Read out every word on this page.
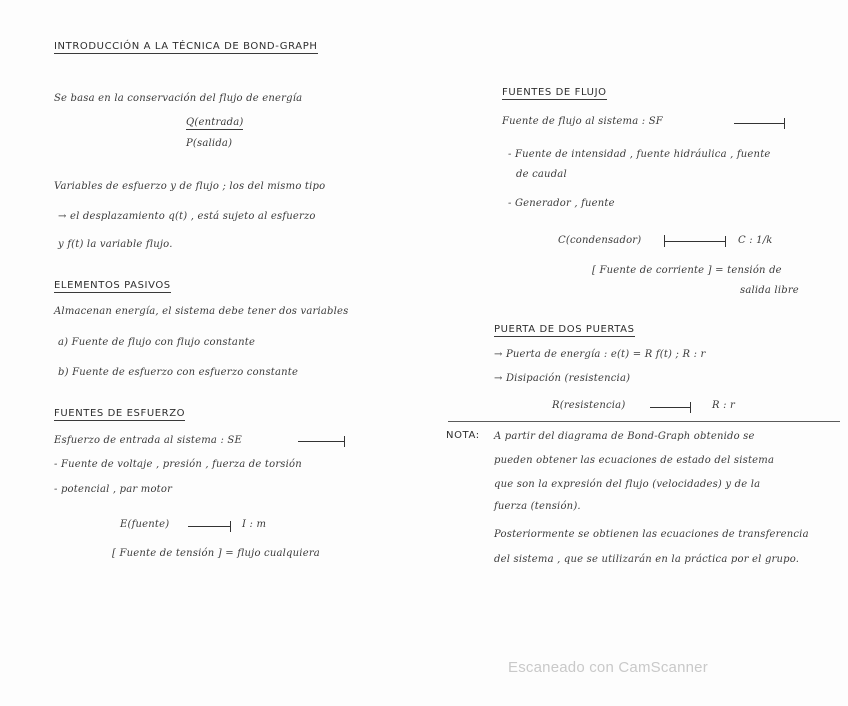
INTRODUCCIÓN A LA TÉCNICA DE BOND-GRAPH
Se basa en la conservación del flujo de energía
Q(entrada)
P(salida)
Variables de esfuerzo y de flujo ; los del mismo tipo
→ el desplazamiento q(t) , está sujeto al esfuerzo
y f(t) la variable flujo.
ELEMENTOS PASIVOS
Almacenan energía, el sistema debe tener dos variables
a) Fuente de flujo con flujo constante
b) Fuente de esfuerzo con esfuerzo constante
FUENTES DE ESFUERZO
Esfuerzo de entrada al sistema : SE
- Fuente de voltaje , presión , fuerza de torsión
- potencial , par motor
E(fuente)	I : m
[ Fuente de tensión ] = flujo cualquiera
FUENTES DE FLUJO
Fuente de flujo al sistema : SF
- Fuente de intensidad , fuente hidráulica , fuente
de caudal
- Generador , fuente
C(condensador)	C : 1/k
[ Fuente de corriente ] = tensión de
salida libre
PUERTA DE DOS PUERTAS
→ Puerta de energía : e(t) = R f(t) ; R : r
→ Disipación (resistencia)
R(resistencia)	R : r
NOTA: A partir del diagrama de Bond-Graph obtenido se
pueden obtener las ecuaciones de estado del sistema
que son la expresión del flujo (velocidades) y de la
fuerza (tensión).
Posteriormente se obtienen las ecuaciones de transferencia
del sistema , que se utilizarán en la práctica por el grupo.
Escaneado con CamScanner
